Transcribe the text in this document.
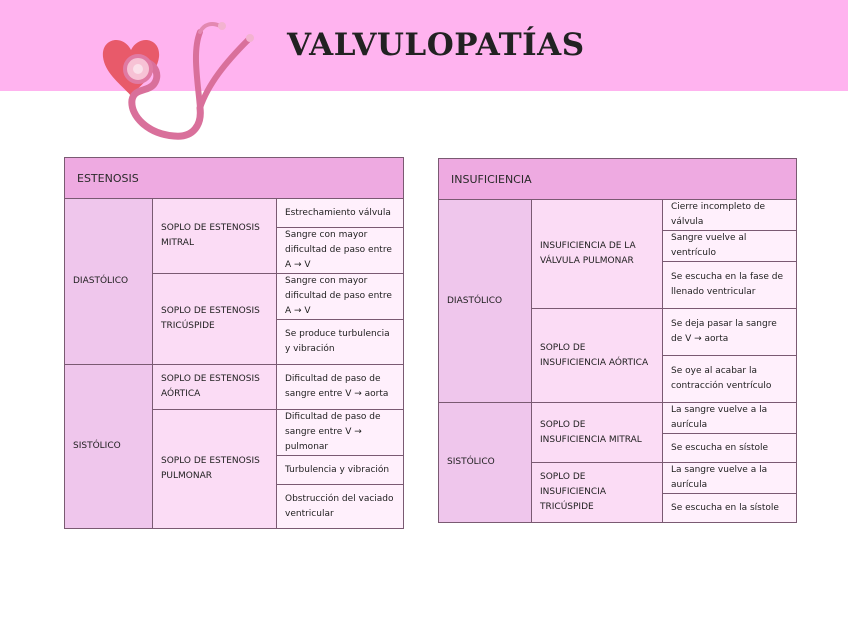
VALVULOPATÍAS
ESTENOSIS		
DIASTÓLICO	SOPLO DE ESTENOSIS MITRAL	Estrechamiento válvula
		Sangre con mayor dificultad de paso entre A → V
	SOPLO DE ESTENOSIS TRICÚSPIDE	Sangre con mayor dificultad de paso entre A → V
		Se produce turbulencia y vibración
SISTÓLICO	SOPLO DE ESTENOSIS AÓRTICA	Dificultad de paso de sangre entre V → aorta
	SOPLO DE ESTENOSIS PULMONAR	Dificultad de paso de sangre entre V → pulmonar
		Turbulencia y vibración
		Obstrucción del vaciado ventricular
INSUFICIENCIA		
DIASTÓLICO	INSUFICIENCIA DE LA VÁLVULA PULMONAR	Cierre incompleto de válvula
		Sangre vuelve al ventrículo
		Se escucha en la fase de llenado ventricular
	SOPLO DE INSUFICIENCIA AÓRTICA	Se deja pasar la sangre de V → aorta
		Se oye al acabar la contracción ventrículo
SISTÓLICO	SOPLO DE INSUFICIENCIA MITRAL	La sangre vuelve a la aurícula
		Se escucha en sístole
	SOPLO DE INSUFICIENCIA TRICÚSPIDE	La sangre vuelve a la aurícula
		Se escucha en la sístole
